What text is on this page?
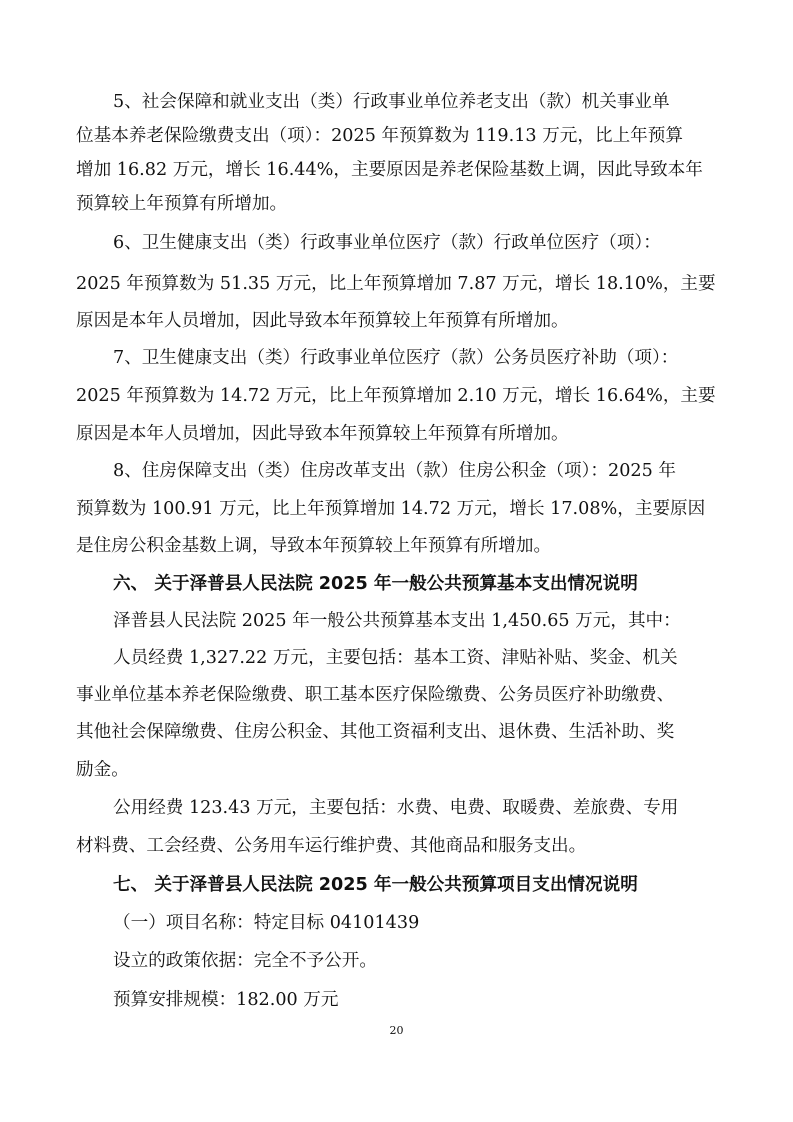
5、社会保障和就业支出（类）行政事业单位养老支出（款）机关事业单
位基本养老保险缴费支出（项）：2025 年预算数为 119.13 万元，比上年预算
增加 16.82 万元，增长 16.44%，主要原因是养老保险基数上调，因此导致本年
预算较上年预算有所增加。
6、卫生健康支出（类）行政事业单位医疗（款）行政单位医疗（项）：
2025 年预算数为 51.35 万元，比上年预算增加 7.87 万元，增长 18.10%，主要
原因是本年人员增加，因此导致本年预算较上年预算有所增加。
7、卫生健康支出（类）行政事业单位医疗（款）公务员医疗补助（项）：
2025 年预算数为 14.72 万元，比上年预算增加 2.10 万元，增长 16.64%，主要
原因是本年人员增加，因此导致本年预算较上年预算有所增加。
8、住房保障支出（类）住房改革支出（款）住房公积金（项）：2025 年
预算数为 100.91 万元，比上年预算增加 14.72 万元，增长 17.08%，主要原因
是住房公积金基数上调，导致本年预算较上年预算有所增加。
六、 关于泽普县人民法院 2025 年一般公共预算基本支出情况说明
泽普县人民法院 2025 年一般公共预算基本支出 1,450.65 万元，其中：
人员经费 1,327.22 万元，主要包括：基本工资、津贴补贴、奖金、机关
事业单位基本养老保险缴费、职工基本医疗保险缴费、公务员医疗补助缴费、
其他社会保障缴费、住房公积金、其他工资福利支出、退休费、生活补助、奖
励金。
公用经费 123.43 万元，主要包括：水费、电费、取暖费、差旅费、专用
材料费、工会经费、公务用车运行维护费、其他商品和服务支出。
七、 关于泽普县人民法院 2025 年一般公共预算项目支出情况说明
（一）项目名称：特定目标 04101439
设立的政策依据：完全不予公开。
预算安排规模：182.00 万元
20
